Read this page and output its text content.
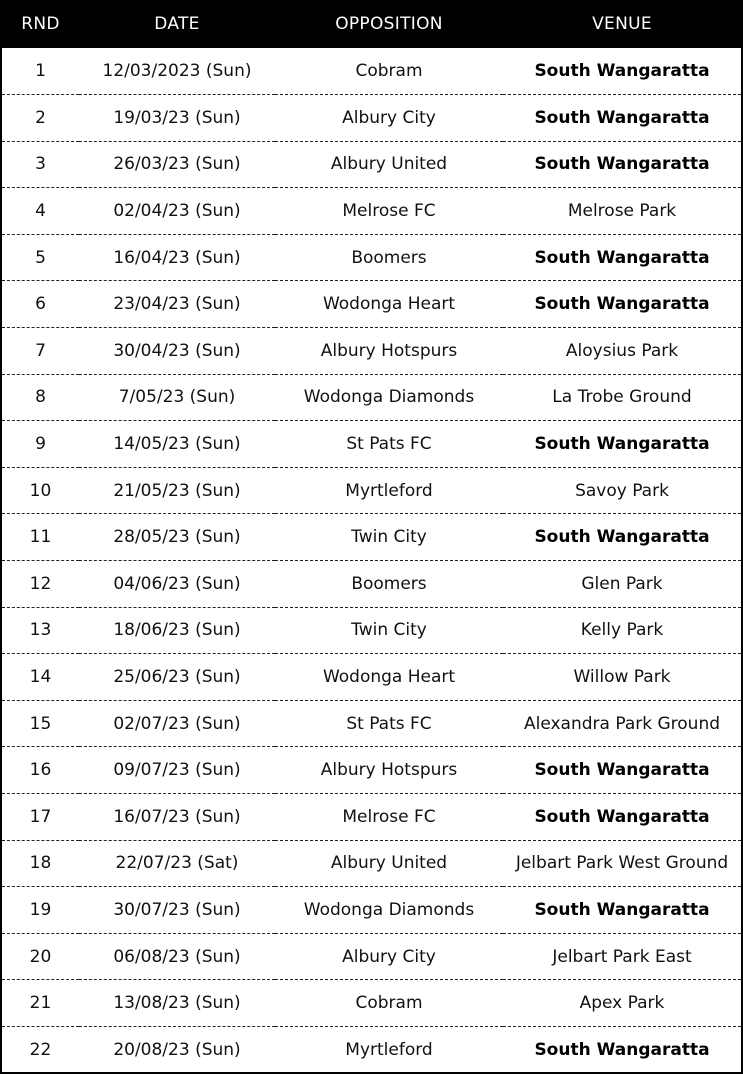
RND	DATE	OPPOSITION	VENUE
1	12/03/2023 (Sun)	Cobram	South Wangaratta
2	19/03/23 (Sun)	Albury City	South Wangaratta
3	26/03/23 (Sun)	Albury United	South Wangaratta
4	02/04/23 (Sun)	Melrose FC	Melrose Park
5	16/04/23 (Sun)	Boomers	South Wangaratta
6	23/04/23 (Sun)	Wodonga Heart	South Wangaratta
7	30/04/23 (Sun)	Albury Hotspurs	Aloysius Park
8	7/05/23 (Sun)	Wodonga Diamonds	La Trobe Ground
9	14/05/23 (Sun)	St Pats FC	South Wangaratta
10	21/05/23 (Sun)	Myrtleford	Savoy Park
11	28/05/23 (Sun)	Twin City	South Wangaratta
12	04/06/23 (Sun)	Boomers	Glen Park
13	18/06/23 (Sun)	Twin City	Kelly Park
14	25/06/23 (Sun)	Wodonga Heart	Willow Park
15	02/07/23 (Sun)	St Pats FC	Alexandra Park Ground
16	09/07/23 (Sun)	Albury Hotspurs	South Wangaratta
17	16/07/23 (Sun)	Melrose FC	South Wangaratta
18	22/07/23 (Sat)	Albury United	Jelbart Park West Ground
19	30/07/23 (Sun)	Wodonga Diamonds	South Wangaratta
20	06/08/23 (Sun)	Albury City	Jelbart Park East
21	13/08/23 (Sun)	Cobram	Apex Park
22	20/08/23 (Sun)	Myrtleford	South Wangaratta
